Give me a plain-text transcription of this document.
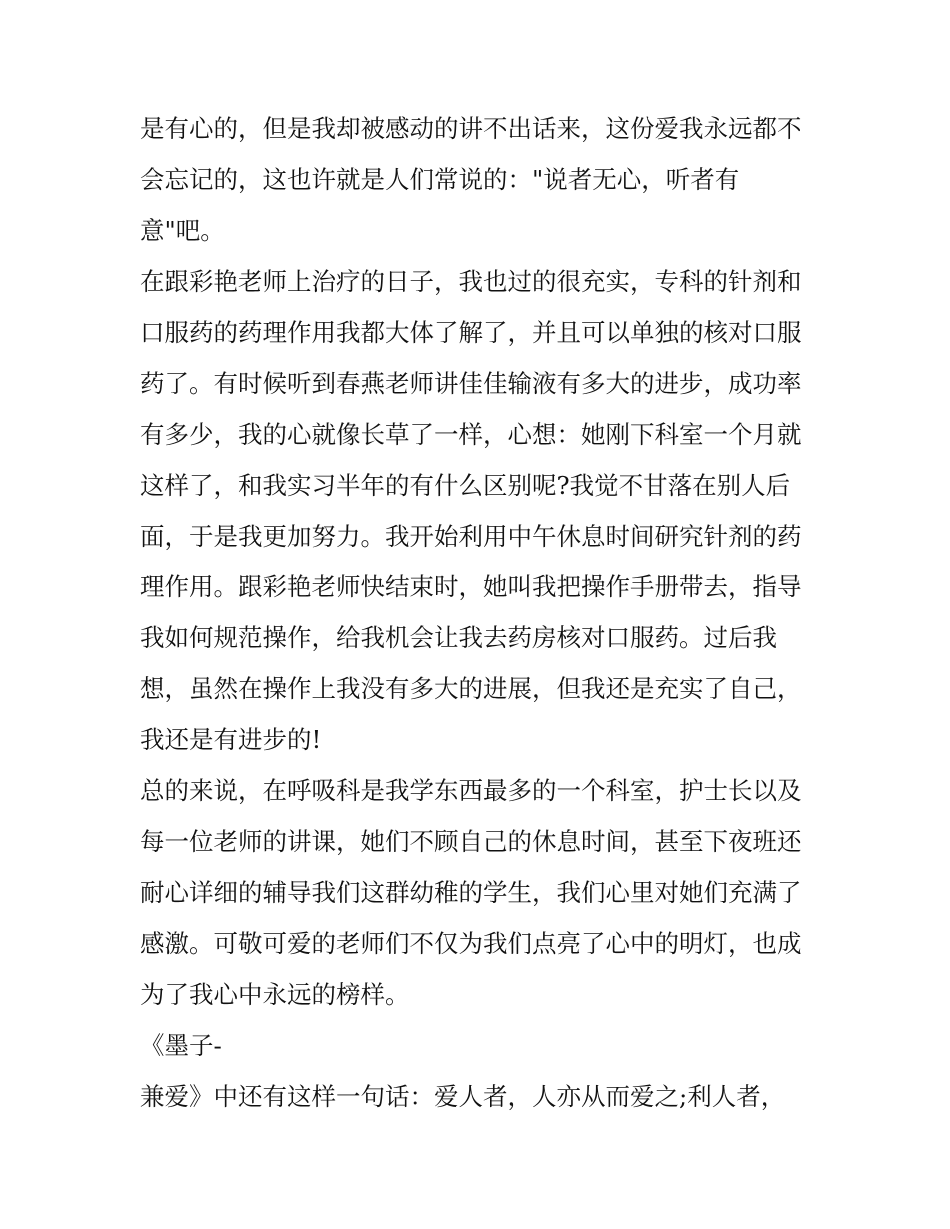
是有心的，但是我却被感动的讲不出话来，这份爱我永远都不
会忘记的，这也许就是人们常说的："说者无心，听者有
意"吧。
在跟彩艳老师上治疗的日子，我也过的很充实，专科的针剂和
口服药的药理作用我都大体了解了，并且可以单独的核对口服
药了。有时候听到春燕老师讲佳佳输液有多大的进步，成功率
有多少，我的心就像长草了一样，心想：她刚下科室一个月就
这样了，和我实习半年的有什么区别呢?我觉不甘落在别人后
面，于是我更加努力。我开始利用中午休息时间研究针剂的药
理作用。跟彩艳老师快结束时，她叫我把操作手册带去，指导
我如何规范操作，给我机会让我去药房核对口服药。过后我
想，虽然在操作上我没有多大的进展，但我还是充实了自己，
我还是有进步的!
总的来说，在呼吸科是我学东西最多的一个科室，护士长以及
每一位老师的讲课，她们不顾自己的休息时间，甚至下夜班还
耐心详细的辅导我们这群幼稚的学生，我们心里对她们充满了
感激。可敬可爱的老师们不仅为我们点亮了心中的明灯，也成
为了我心中永远的榜样。
《墨子-
兼爱》中还有这样一句话：爱人者，人亦从而爱之;利人者，
